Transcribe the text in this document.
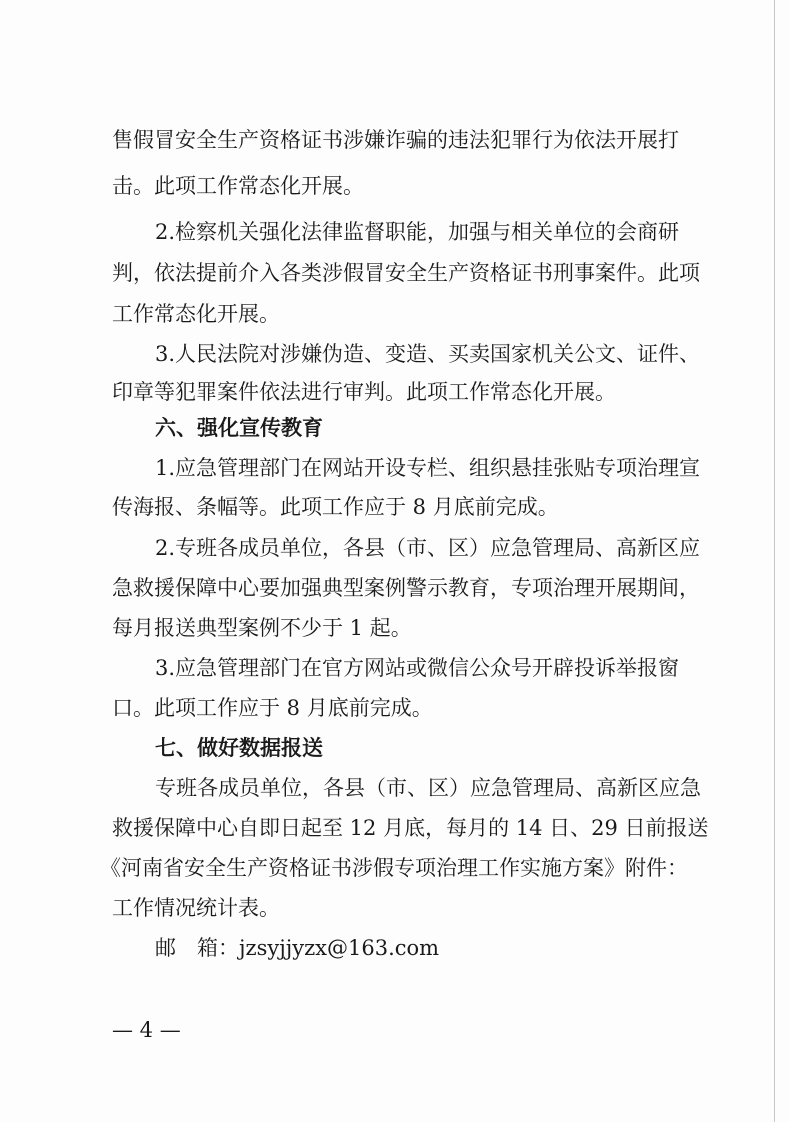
售假冒安全生产资格证书涉嫌诈骗的违法犯罪行为依法开展打
击。此项工作常态化开展。
2.检察机关强化法律监督职能，加强与相关单位的会商研
判，依法提前介入各类涉假冒安全生产资格证书刑事案件。此项
工作常态化开展。
3.人民法院对涉嫌伪造、变造、买卖国家机关公文、证件、
印章等犯罪案件依法进行审判。此项工作常态化开展。
六、强化宣传教育
1.应急管理部门在网站开设专栏、组织悬挂张贴专项治理宣
传海报、条幅等。此项工作应于 8 月底前完成。
2.专班各成员单位，各县（市、区）应急管理局、高新区应
急救援保障中心要加强典型案例警示教育，专项治理开展期间，
每月报送典型案例不少于 1 起。
3.应急管理部门在官方网站或微信公众号开辟投诉举报窗
口。此项工作应于 8 月底前完成。
七、做好数据报送
专班各成员单位，各县（市、区）应急管理局、高新区应急
救援保障中心自即日起至 12 月底，每月的 14 日、29 日前报送
《河南省安全生产资格证书涉假专项治理工作实施方案》附件：
工作情况统计表。
邮　箱：jzsyjjyzx@163.com
— 4 —
